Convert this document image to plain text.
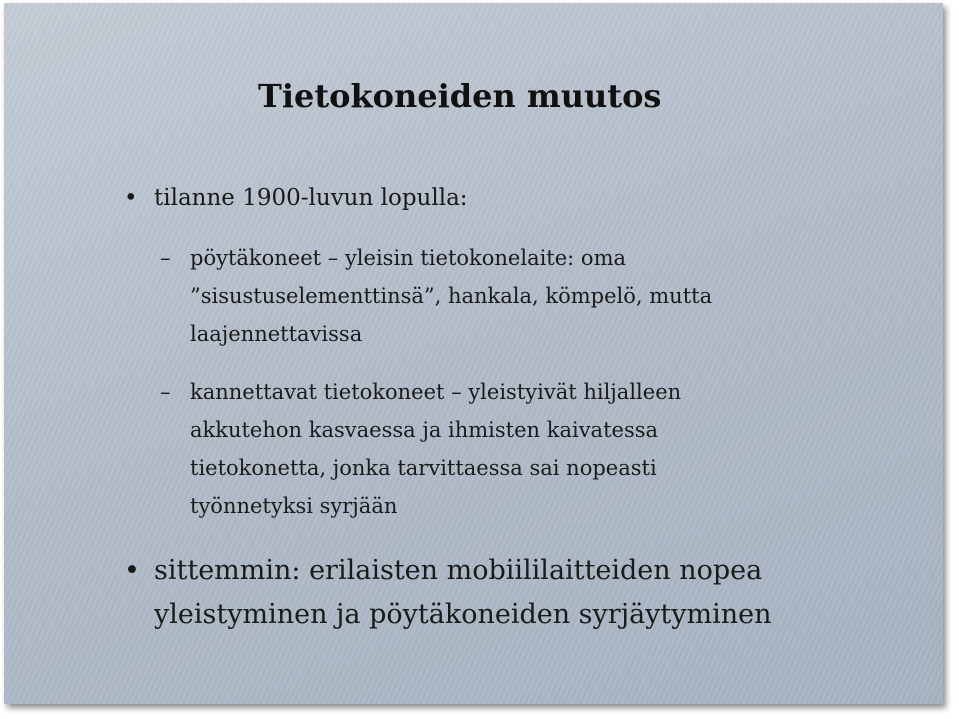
Tietokoneiden muutos
• tilanne 1900-luvun lopulla:
– pöytäkoneet – yleisin tietokonelaite: oma
”sisustuselementtinsä”, hankala, kömpelö, mutta
laajennettavissa
– kannettavat tietokoneet – yleistyivät hiljalleen
akkutehon kasvaessa ja ihmisten kaivatessa
tietokonetta, jonka tarvittaessa sai nopeasti
työnnetyksi syrjään
• sittemmin: erilaisten mobiililaitteiden nopea
yleistyminen ja pöytäkoneiden syrjäytyminen
